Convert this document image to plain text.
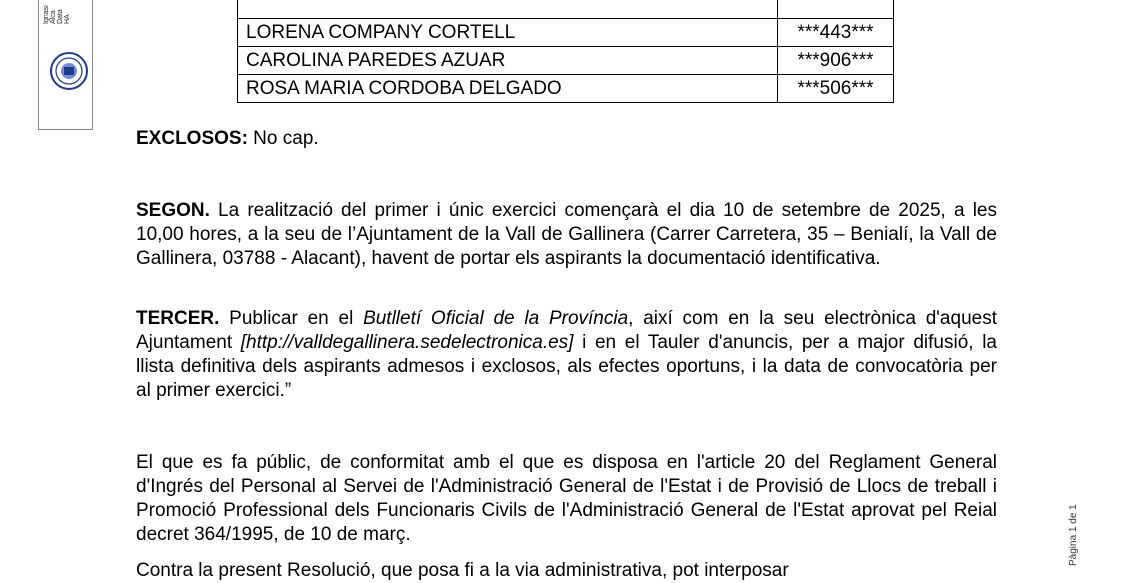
Ignasi Alca Data HA

LORENA COMPANY CORTELL	***443***
CAROLINA PAREDES AZUAR	***906***
ROSA MARIA CORDOBA DELGADO	***506***

EXCLOSOS: No cap.

SEGON. La realització del primer i únic exercici començarà el dia 10 de setembre de 2025, a les 10,00 hores, a la seu de l’Ajuntament de la Vall de Gallinera (Carrer Carretera, 35 – Benialí, la Vall de Gallinera, 03788 - Alacant), havent de portar els aspirants la documentació identificativa.

TERCER. Publicar en el Butlletí Oficial de la Província, així com en la seu electrònica d'aquest Ajuntament [http://valldegallinera.sedelectronica.es] i en el Tauler d'anuncis, per a major difusió, la llista definitiva dels aspirants admesos i exclosos, als efectes oportuns, i la data de convocatòria per al primer exercici.”

El que es fa públic, de conformitat amb el que es disposa en l'article 20 del Reglament General d'Ingrés del Personal al Servei de l'Administració General de l'Estat i de Provisió de Llocs de treball i Promoció Professional dels Funcionaris Civils de l'Administració General de l'Estat aprovat pel Reial decret 364/1995, de 10 de març.

Contra la present Resolució, que posa fi a la via administrativa, pot interposar

Pàgina 1 de 1
